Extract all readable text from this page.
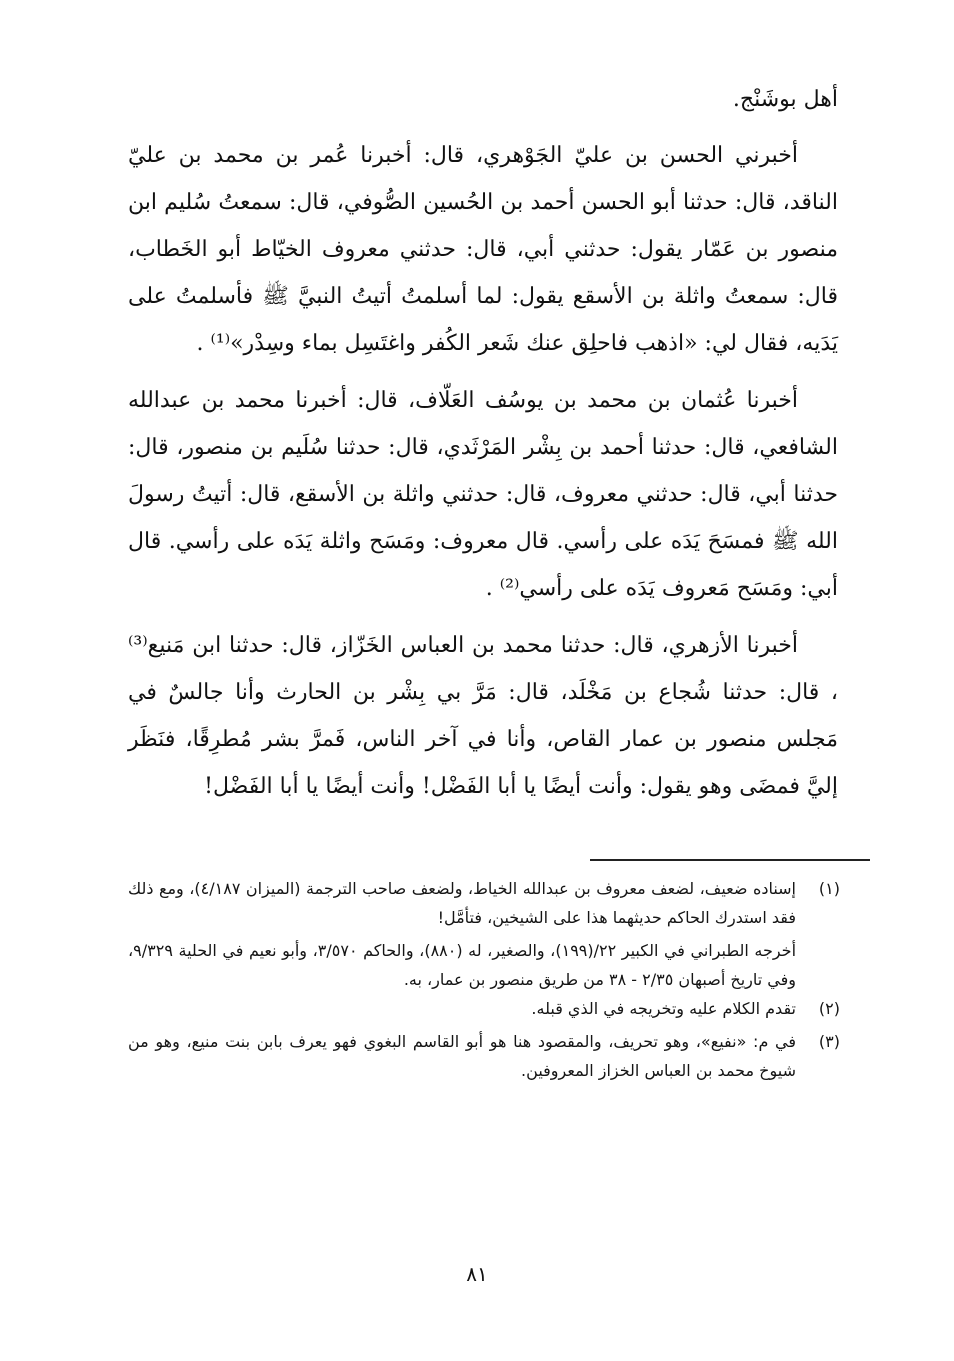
أهل بوشَنْج.

أخبرني الحسن بن عليّ الجَوْهري، قال: أخبرنا عُمر بن محمد بن عليّ الناقد، قال: حدثنا أبو الحسن أحمد بن الحُسين الصُّوفي، قال: سمعتُ سُليم ابن منصور بن عَمّار يقول: حدثني أبي، قال: حدثني معروف الخيّاط أبو الخَطاب، قال: سمعتُ واثلة بن الأسقع يقول: لما أسلمتُ أتيتُ النبيَّ ﷺ فأسلمتُ على يَدَيه، فقال لي: «اذهب فاحلِق عنك شَعر الكُفر واغتَسِل بماء وسِدْر»⁽¹⁾ .

أخبرنا عُثمان بن محمد بن يوسُف العَلّاف، قال: أخبرنا محمد بن عبدالله الشافعي، قال: حدثنا أحمد بن بِشْر المَرْثَدي، قال: حدثنا سُلَيم بن منصور، قال: حدثنا أبي، قال: حدثني معروف، قال: حدثني واثلة بن الأسقع، قال: أتيتُ رسولَ الله ﷺ فمسَحَ يَدَه على رأسي. قال معروف: ومَسَح واثلة يَدَه على رأسي. قال أبي: ومَسَح مَعروف يَدَه على رأسي⁽²⁾ .

أخبرنا الأزهري، قال: حدثنا محمد بن العباس الخَزّاز، قال: حدثنا ابن مَنيع⁽³⁾ ، قال: حدثنا شُجاع بن مَخْلَد، قال: مَرَّ بي بِشْر بن الحارث وأنا جالسٌ في مَجلس منصور بن عمار القاص، وأنا في آخر الناس، فَمرَّ بشر مُطرِقًا، فنَظَر إليَّ فمضَى وهو يقول: وأنت أيضًا يا أبا الفَضْل! وأنت أيضًا يا أبا الفَضْل!

(١)
إسناده ضعيف، لضعف معروف بن عبدالله الخياط، ولضعف صاحب الترجمة (الميزان ٤/١٨٧)، ومع ذلك فقد استدرك الحاكم حديثهما هذا على الشيخين، فتأمَّل!
أخرجه الطبراني في الكبير ٢٢/(١٩٩)، والصغير، له (٨٨٠)، والحاكم ٣/٥٧٠، وأبو نعيم في الحلية ٩/٣٢٩، وفي تاريخ أصبهان ٢/٣٥ - ٣٨ من طريق منصور بن عمار، به.
(٢)
تقدم الكلام عليه وتخريجه في الذي قبله.
(٣)
في م: «نفيع»، وهو تحريف، والمقصود هنا هو أبو القاسم البغوي فهو يعرف بابن بنت منيع، وهو من شيوخ محمد بن العباس الخزاز المعروفين.
٨١
